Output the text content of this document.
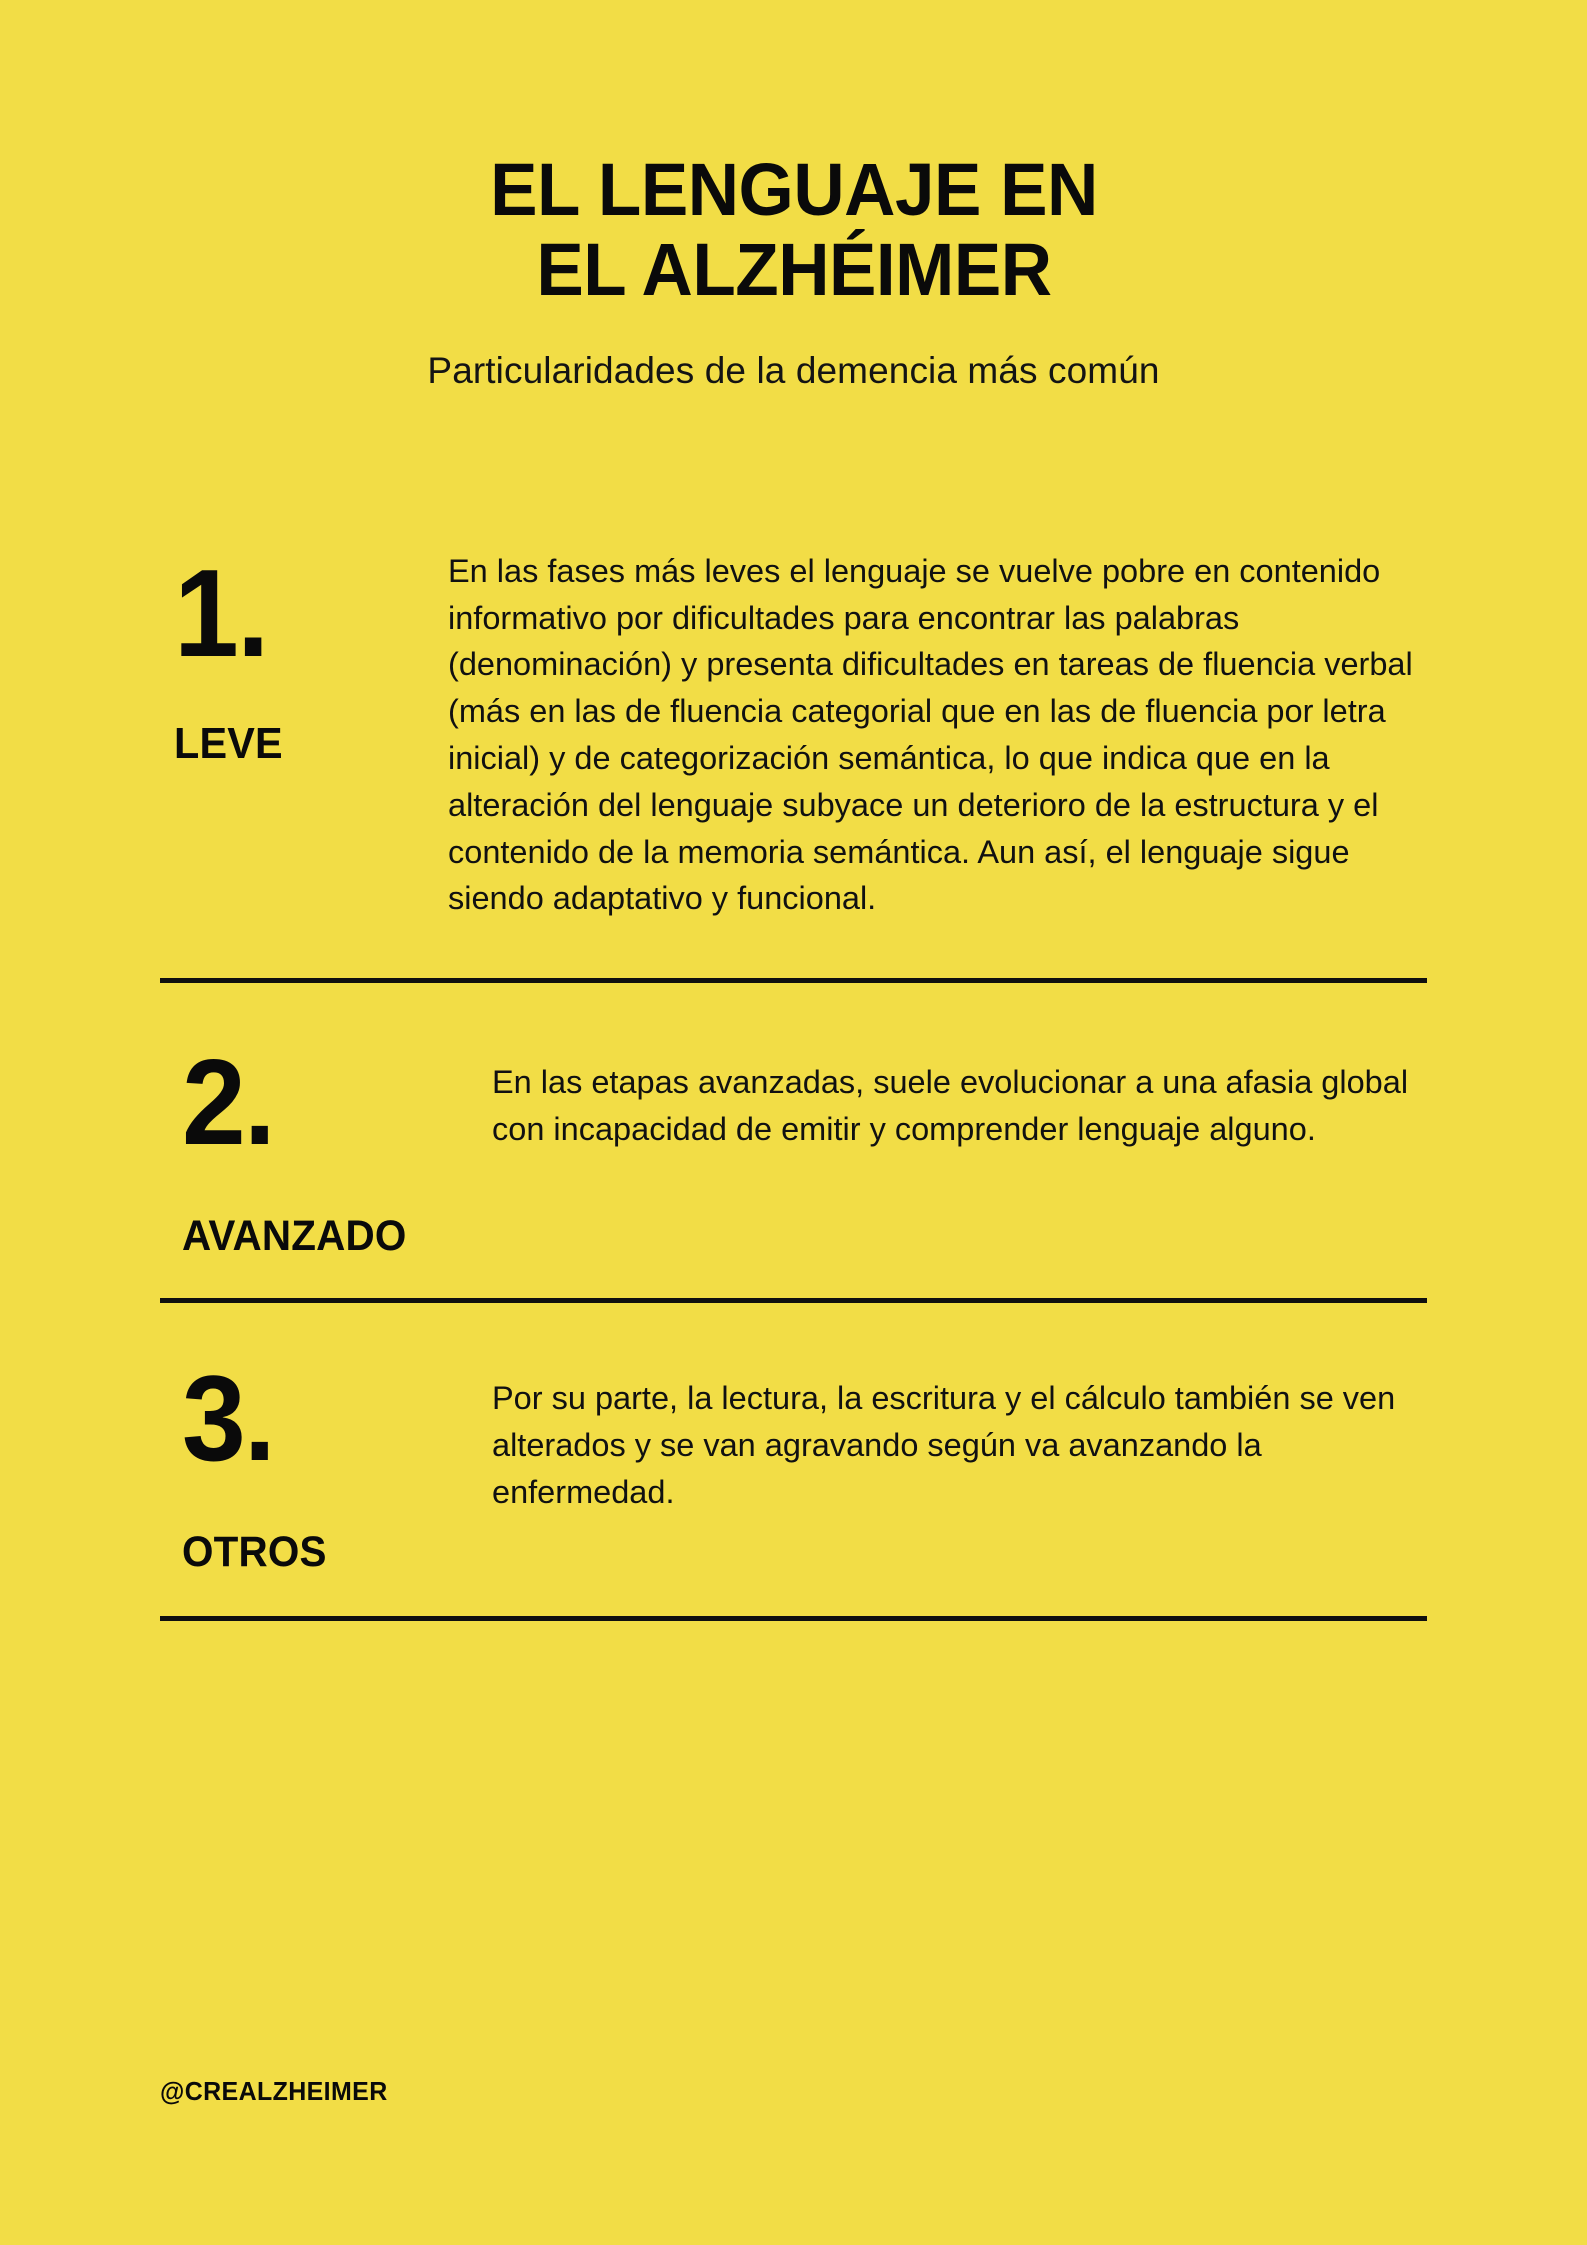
EL LENGUAJE EN
EL ALZHÉIMER
Particularidades de la demencia más común
1.
LEVE
En las fases más leves el lenguaje se vuelve pobre en contenido informativo por dificultades para encontrar las palabras (denominación) y presenta dificultades en tareas de fluencia verbal (más en las de fluencia categorial que en las de fluencia por letra inicial) y de categorización semántica, lo que indica que en la alteración del lenguaje subyace un deterioro de la estructura y el contenido de la memoria semántica. Aun así, el lenguaje sigue siendo adaptativo y funcional.
2.
AVANZADO
En las etapas avanzadas, suele evolucionar a una afasia global con incapacidad de emitir y comprender lenguaje alguno.
3.
OTROS
Por su parte, la lectura, la escritura y el cálculo también se ven alterados y se van agravando según va avanzando la enfermedad.
@CREALZHEIMER
